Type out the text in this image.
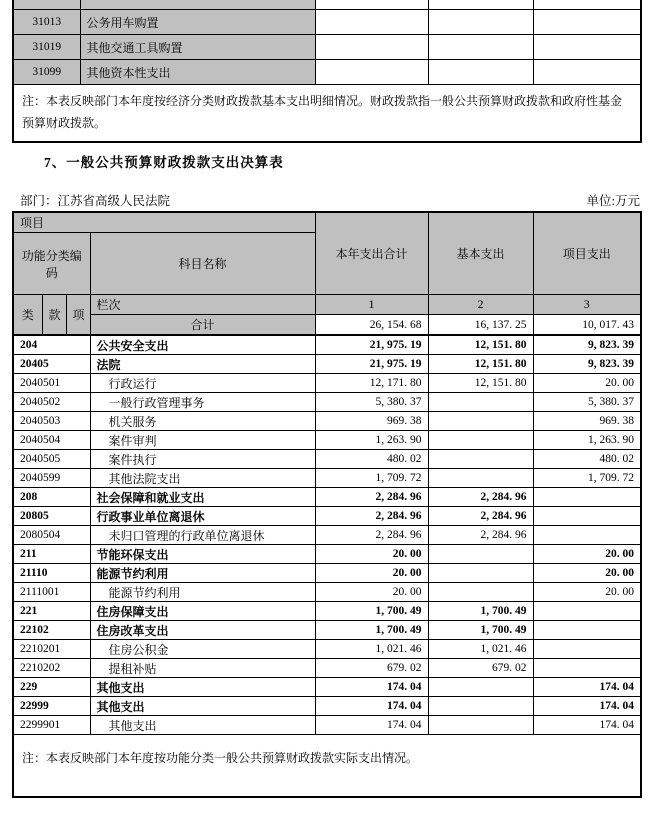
31013	公务用车购置			
31019	其他交通工具购置			
31099	其他资本性支出			
注：本表反映部门本年度按经济分类财政拨款基本支出明细情况。财政拨款指一般公共预算财政拨款和政府性基金预算财政拨款。				
7、一般公共预算财政拨款支出决算表
部门：江苏省高级人民法院	单位:万元
项目				本年支出合计	基本支出	项目支出
功能分类编码			科目名称			
类	款	项	栏次	1	2	3
			合计	26, 154. 68	16, 137. 25	10, 017. 43
204			公共安全支出	21, 975. 19	12, 151. 80	9, 823. 39
20405			法院	21, 975. 19	12, 151. 80	9, 823. 39
2040501			行政运行	12, 171. 80	12, 151. 80	20. 00
2040502			一般行政管理事务	5, 380. 37		5, 380. 37
2040503			机关服务	969. 38		969. 38
2040504			案件审判	1, 263. 90		1, 263. 90
2040505			案件执行	480. 02		480. 02
2040599			其他法院支出	1, 709. 72		1, 709. 72
208			社会保障和就业支出	2, 284. 96	2, 284. 96	
20805			行政事业单位离退休	2, 284. 96	2, 284. 96	
2080504			未归口管理的行政单位离退休	2, 284. 96	2, 284. 96	
211			节能环保支出	20. 00		20. 00
21110			能源节约利用	20. 00		20. 00
2111001			能源节约利用	20. 00		20. 00
221			住房保障支出	1, 700. 49	1, 700. 49	
22102			住房改革支出	1, 700. 49	1, 700. 49	
2210201			住房公积金	1, 021. 46	1, 021. 46	
2210202			提租补贴	679. 02	679. 02	
229			其他支出	174. 04		174. 04
22999			其他支出	174. 04		174. 04
2299901			其他支出	174. 04		174. 04
注：本表反映部门本年度按功能分类一般公共预算财政拨款实际支出情况。						
